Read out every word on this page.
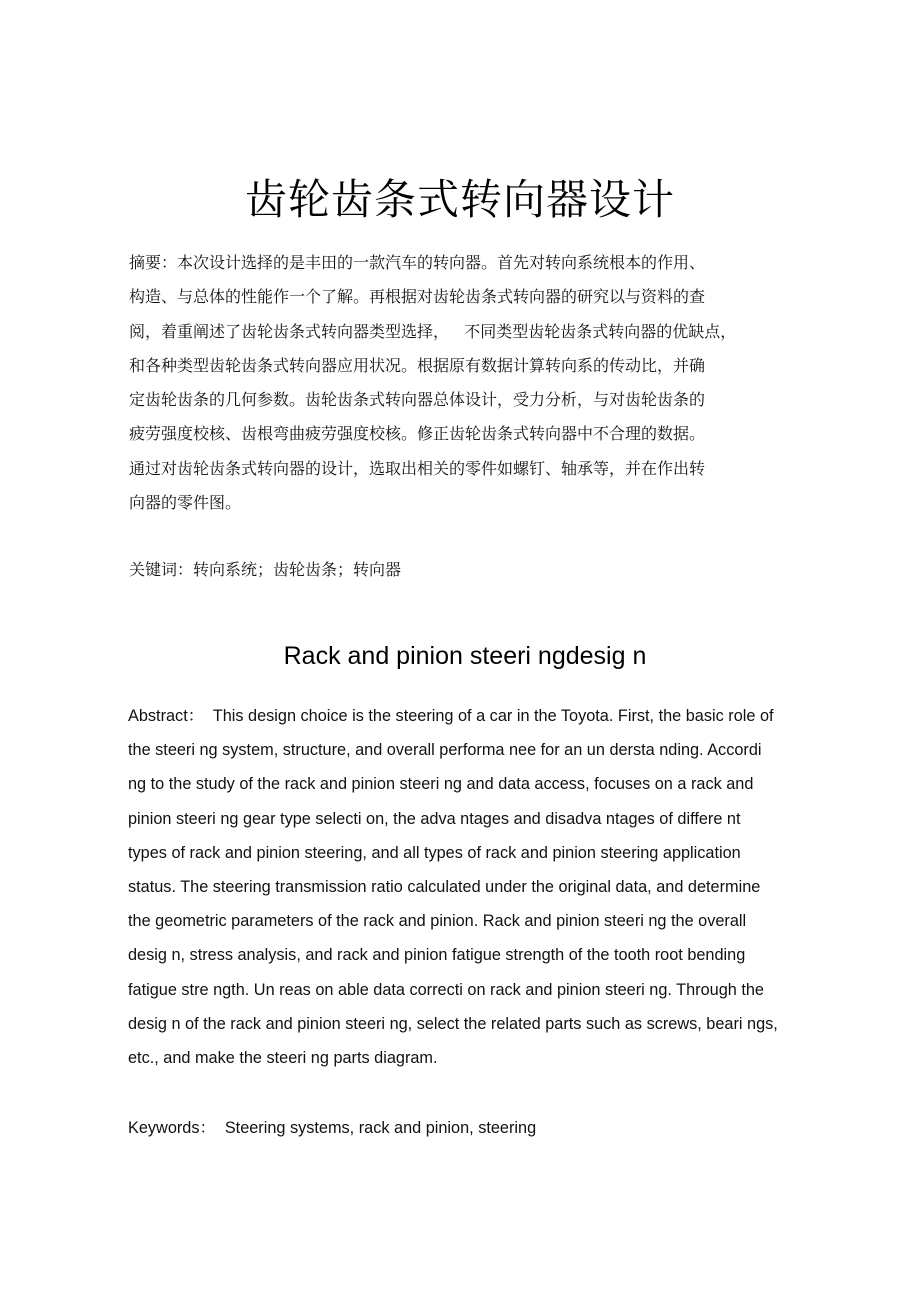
齿轮齿条式转向器设计
摘要：本次设计选择的是丰田的一款汽车的转向器。首先对转向系统根本的作用、
构造、与总体的性能作一个了解。再根据对齿轮齿条式转向器的研究以与资料的查
阅，着重阐述了齿轮齿条式转向器类型选择，   不同类型齿轮齿条式转向器的优缺点，
和各种类型齿轮齿条式转向器应用状况。根据原有数据计算转向系的传动比，并确
定齿轮齿条的几何参数。齿轮齿条式转向器总体设计，受力分析，与对齿轮齿条的
疲劳强度校核、齿根弯曲疲劳强度校核。修正齿轮齿条式转向器中不合理的数据。
通过对齿轮齿条式转向器的设计，选取出相关的零件如螺钉、轴承等，并在作出转
向器的零件图。
关键词：转向系统；齿轮齿条；转向器
Rack and pinion steeri ngdesig n
Abstract：  This design choice is the steering of a car in the Toyota. First, the basic role of
the steeri ng system, structure, and overall performa nee for an un dersta nding. Accordi
ng to the study of the rack and pinion steeri ng and data access, focuses on a rack and
pinion steeri ng gear type selecti on, the adva ntages and disadva ntages of differe nt
types of rack and pinion steering, and all types of rack and pinion steering application
status. The steering transmission ratio calculated under the original data, and determine
the geometric parameters of the rack and pinion. Rack and pinion steeri ng the overall
desig n, stress analysis, and rack and pinion fatigue strength of the tooth root bending
fatigue stre ngth. Un reas on able data correcti on rack and pinion steeri ng. Through the
desig n of the rack and pinion steeri ng, select the related parts such as screws, beari ngs,
etc., and make the steeri ng parts diagram.
Keywords：  Steering systems, rack and pinion, steering
